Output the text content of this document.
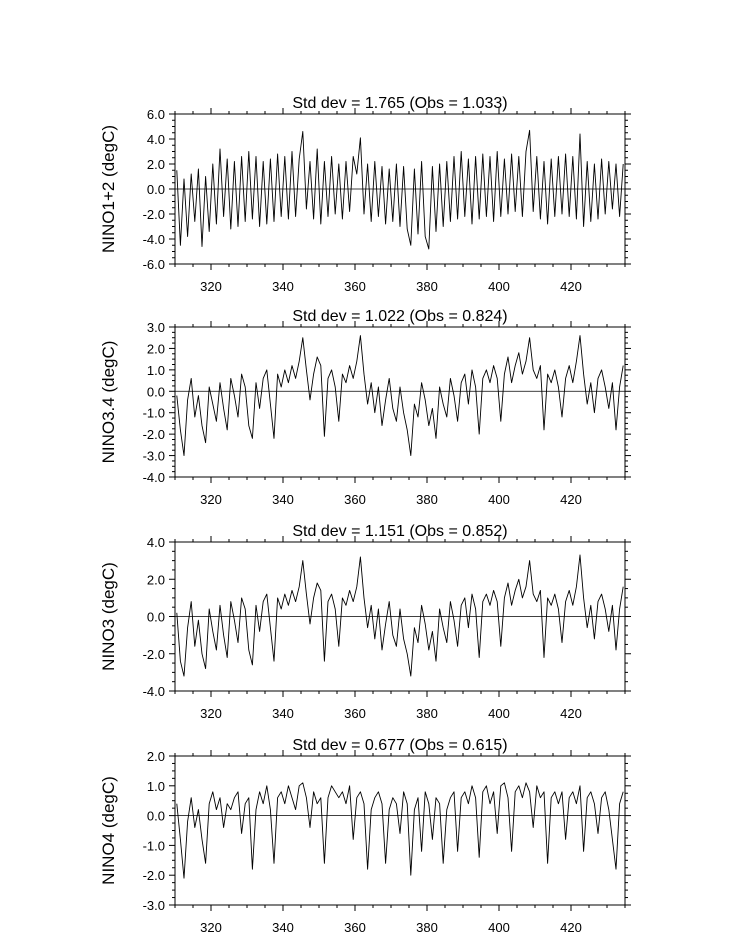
Std dev = 1.765 (Obs = 1.033)
NINO1+2 (degC)
-6.0
-4.0
-2.0
0.0
2.0
4.0
6.0
320	340	360	380	400	420
Std dev = 1.022 (Obs = 0.824)
NINO3.4 (degC)
-4.0
-3.0
-2.0
-1.0
0.0
1.0
2.0
3.0
320	340	360	380	400	420
Std dev = 1.151 (Obs = 0.852)
NINO3 (degC)
-4.0
-2.0
0.0
2.0
4.0
320	340	360	380	400	420
Std dev = 0.677 (Obs = 0.615)
NINO4 (degC)
-3.0
-2.0
-1.0
0.0
1.0
2.0
320	340	360	380	400	420
